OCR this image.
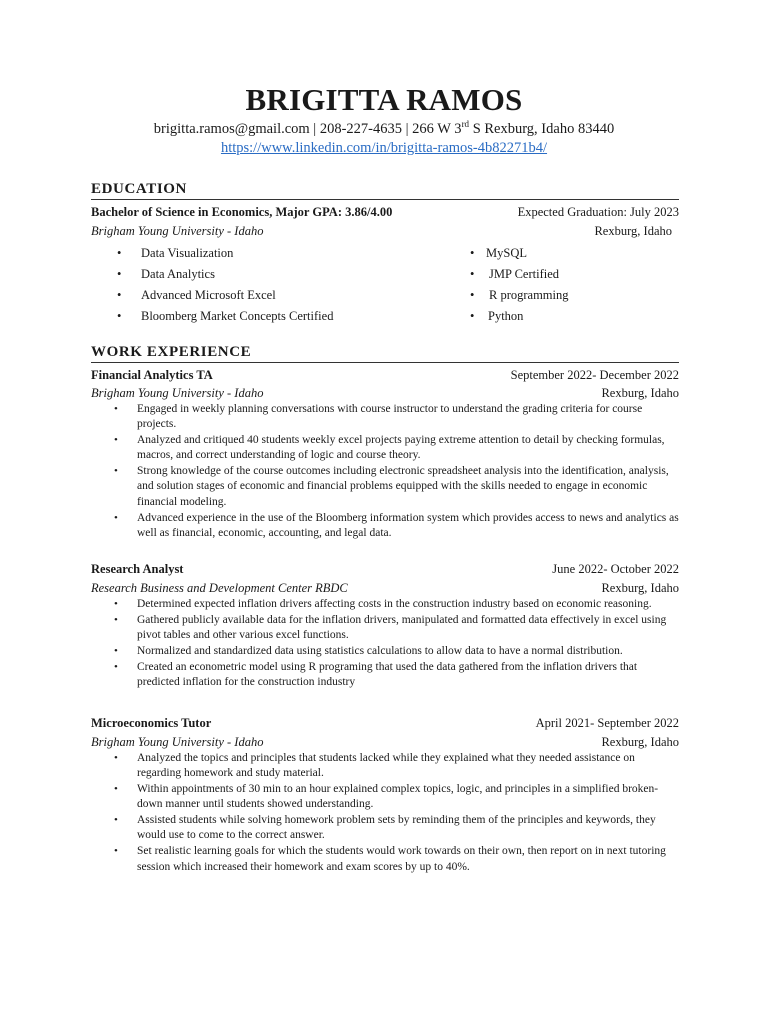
BRIGITTA RAMOS
brigitta.ramos@gmail.com | 208-227-4635 | 266 W 3rd S Rexburg, Idaho 83440
https://www.linkedin.com/in/brigitta-ramos-4b82271b4/
EDUCATION
Bachelor of Science in Economics, Major GPA: 3.86/4.00	Expected Graduation: July 2023
Brigham Young University - Idaho	Rexburg, Idaho
• Data Visualization
• Data Analytics
• Advanced Microsoft Excel
• Bloomberg Market Concepts Certified
• MySQL
• JMP Certified
• R programming
• Python
WORK EXPERIENCE
Financial Analytics TA	September 2022- December 2022
Brigham Young University - Idaho	Rexburg, Idaho
• Engaged in weekly planning conversations with course instructor to understand the grading criteria for course projects.
• Analyzed and critiqued 40 students weekly excel projects paying extreme attention to detail by checking formulas, macros, and correct understanding of logic and course theory.
• Strong knowledge of the course outcomes including electronic spreadsheet analysis into the identification, analysis, and solution stages of economic and financial problems equipped with the skills needed to engage in economic financial modeling.
• Advanced experience in the use of the Bloomberg information system which provides access to news and analytics as well as financial, economic, accounting, and legal data.
Research Analyst	June 2022- October 2022
Research Business and Development Center RBDC	Rexburg, Idaho
• Determined expected inflation drivers affecting costs in the construction industry based on economic reasoning.
• Gathered publicly available data for the inflation drivers, manipulated and formatted data effectively in excel using pivot tables and other various excel functions.
• Normalized and standardized data using statistics calculations to allow data to have a normal distribution.
• Created an econometric model using R programing that used the data gathered from the inflation drivers that predicted inflation for the construction industry
Microeconomics Tutor	April 2021- September 2022
Brigham Young University - Idaho	Rexburg, Idaho
• Analyzed the topics and principles that students lacked while they explained what they needed assistance on regarding homework and study material.
• Within appointments of 30 min to an hour explained complex topics, logic, and principles in a simplified broken-down manner until students showed understanding.
• Assisted students while solving homework problem sets by reminding them of the principles and keywords, they would use to come to the correct answer.
• Set realistic learning goals for which the students would work towards on their own, then report on in next tutoring session which increased their homework and exam scores by up to 40%.
